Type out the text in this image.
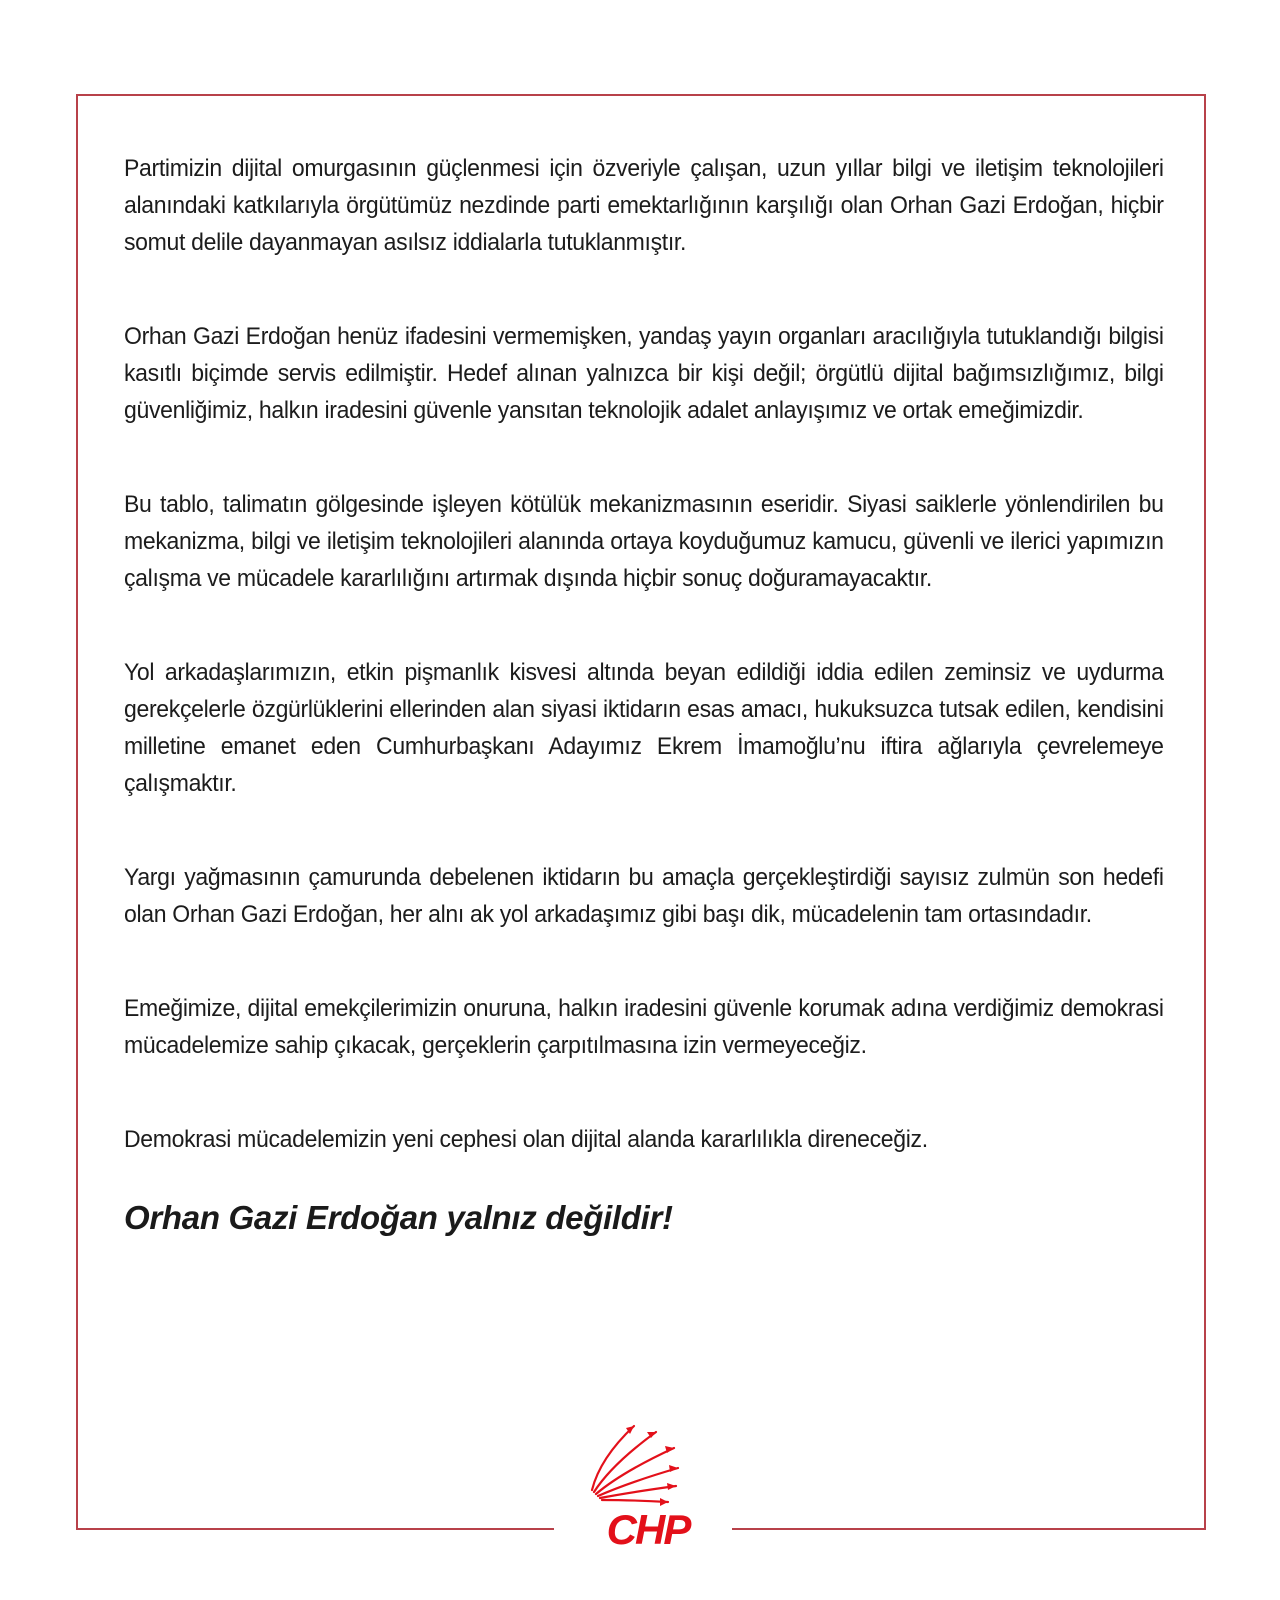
Partimizin dijital omurgasının güçlenmesi için özveriyle çalışan, uzun yıllar bilgi ve iletişim teknolojileri alanındaki katkılarıyla örgütümüz nezdinde parti emektarlığının karşılığı olan Orhan Gazi Erdoğan, hiçbir somut delile dayanmayan asılsız iddialarla tutuklanmıştır.

Orhan Gazi Erdoğan henüz ifadesini vermemişken, yandaş yayın organları aracılığıyla tutuklandığı bilgisi kasıtlı biçimde servis edilmiştir. Hedef alınan yalnızca bir kişi değil; örgütlü dijital bağımsızlığımız, bilgi güvenliğimiz, halkın iradesini güvenle yansıtan teknolojik adalet anlayışımız ve ortak emeğimizdir.

Bu tablo, talimatın gölgesinde işleyen kötülük mekanizmasının eseridir. Siyasi saiklerle yönlendirilen bu mekanizma, bilgi ve iletişim teknolojileri alanında ortaya koyduğumuz kamucu, güvenli ve ilerici yapımızın çalışma ve mücadele kararlılığını artırmak dışında hiçbir sonuç doğuramayacaktır.

Yol arkadaşlarımızın, etkin pişmanlık kisvesi altında beyan edildiği iddia edilen zeminsiz ve uydurma gerekçelerle özgürlüklerini ellerinden alan siyasi iktidarın esas amacı, hukuksuzca tutsak edilen, kendisini milletine emanet eden Cumhurbaşkanı Adayımız Ekrem İmamoğlu’nu iftira ağlarıyla çevrelemeye çalışmaktır.

Yargı yağmasının çamurunda debelenen iktidarın bu amaçla gerçekleştirdiği sayısız zulmün son hedefi olan Orhan Gazi Erdoğan, her alnı ak yol arkadaşımız gibi başı dik, mücadelenin tam ortasındadır.

Emeğimize, dijital emekçilerimizin onuruna, halkın iradesini güvenle korumak adına verdiğimiz demokrasi mücadelemize sahip çıkacak, gerçeklerin çarpıtılmasına izin vermeyeceğiz.

Demokrasi mücadelemizin yeni cephesi olan dijital alanda kararlılıkla direneceğiz.

Orhan Gazi Erdoğan yalnız değildir!

CHP
